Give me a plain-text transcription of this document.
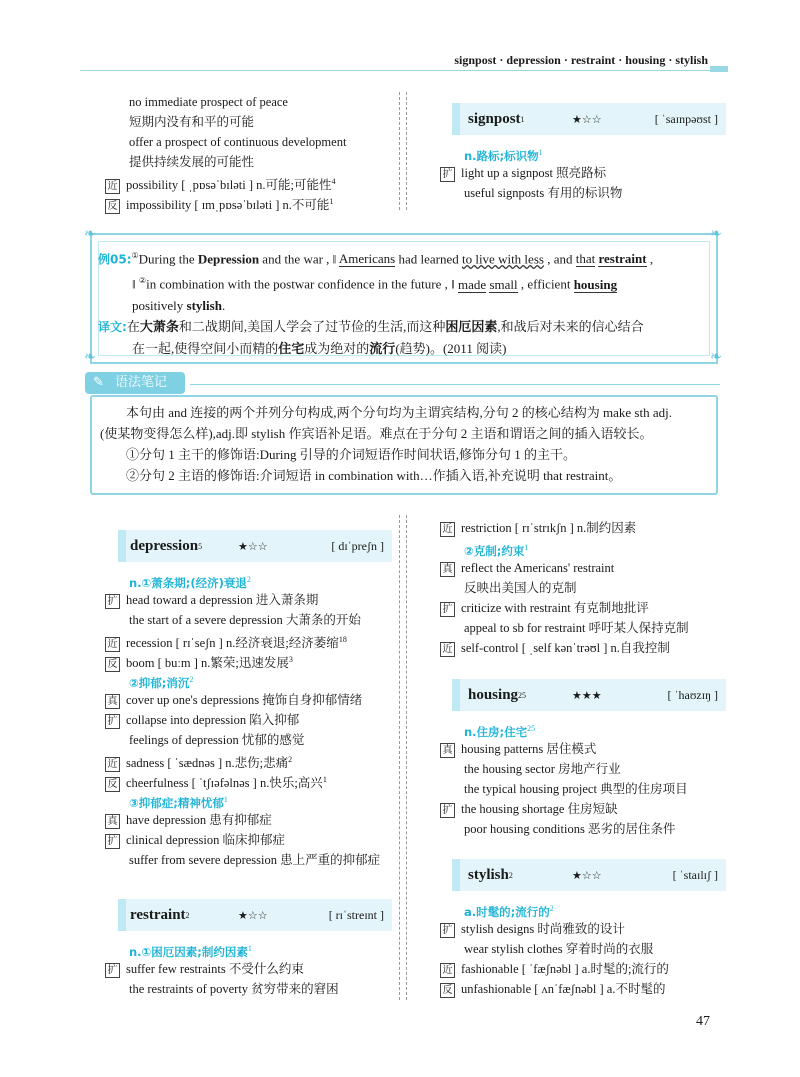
signpost · depression · restraint · housing · stylish
no immediate prospect of peace
短期内没有和平的可能
offer a prospect of continuous development
提供持续发展的可能性
近 possibility [ ˌpɒsəˈbɪləti ] n.可能;可能性$^4$
反 impossibility [ ɪmˌpɒsəˈbɪləti ] n.不可能$^1$
signpost 1	★☆☆	[ ˈsaɪnpəʊst ]
n.路标;标识物$^1$
扩 light up a signpost 照亮路标
useful signposts 有用的标识物
❧	❧
❧	❧
例05:①During the Depression and the war , ‖ Americans had learned to live with less , and that restraint ,
‖ ②in combination with the postwar confidence in the future , ‖ made small , efficient housing
positively stylish.
译文:在大萧条和二战期间,美国人学会了过节俭的生活,而这种困厄因素,和战后对未来的信心结合
在一起,使得空间小而精的住宅成为绝对的流行(趋势)。(2011 阅读)
✎ 语法笔记
本句由 and 连接的两个并列分句构成,两个分句均为主谓宾结构,分句 2 的核心结构为 make sth adj.
(使某物变得怎么样),adj.即 stylish 作宾语补足语。难点在于分句 2 主语和谓语之间的插入语较长。
①分句 1 主干的修饰语:During 引导的介词短语作时间状语,修饰分句 1 的主干。
②分句 2 主语的修饰语:介词短语 in combination with…作插入语,补充说明 that restraint。
depression 5	★☆☆	[ dɪˈpreʃn ]
n.①萧条期;(经济)衰退$^2$
扩 head toward a depression 进入萧条期
the start of a severe depression 大萧条的开始
近 recession [ rɪˈseʃn ] n.经济衰退;经济萎缩$^{18}$
反 boom [ buːm ] n.繁荣;迅速发展$^3$
②抑郁;消沉$^2$
真 cover up one's depressions 掩饰自身抑郁情绪
扩 collapse into depression 陷入抑郁
feelings of depression 忧郁的感觉
近 sadness [ ˈsædnəs ] n.悲伤;悲痛$^2$
反 cheerfulness [ ˈtʃɪəfəlnəs ] n.快乐;高兴$^1$
③抑郁症;精神忧郁$^1$
真 have depression 患有抑郁症
扩 clinical depression 临床抑郁症
suffer from severe depression 患上严重的抑郁症
restraint 2	★☆☆	[ rɪˈstreɪnt ]
n.①困厄因素;制约因素$^1$
扩 suffer few restraints 不受什么约束
the restraints of poverty 贫穷带来的窘困
近 restriction [ rɪˈstrɪkʃn ] n.制约因素
②克制;约束$^1$
真 reflect the Americans' restraint
反映出美国人的克制
扩 criticize with restraint 有克制地批评
appeal to sb for restraint 呼吁某人保持克制
近 self-control [ ˌself kənˈtrəʊl ] n.自我控制
housing 25	★★★	[ ˈhaʊzɪŋ ]
n.住房;住宅$^{25}$
真 housing patterns 居住模式
the housing sector 房地产行业
the typical housing project 典型的住房项目
扩 the housing shortage 住房短缺
poor housing conditions 恶劣的居住条件
stylish 2	★☆☆	[ ˈstaɪlɪʃ ]
a.时髦的;流行的$^2$
扩 stylish designs 时尚雅致的设计
wear stylish clothes 穿着时尚的衣服
近 fashionable [ ˈfæʃnəbl ] a.时髦的;流行的
反 unfashionable [ ʌnˈfæʃnəbl ] a.不时髦的
47
